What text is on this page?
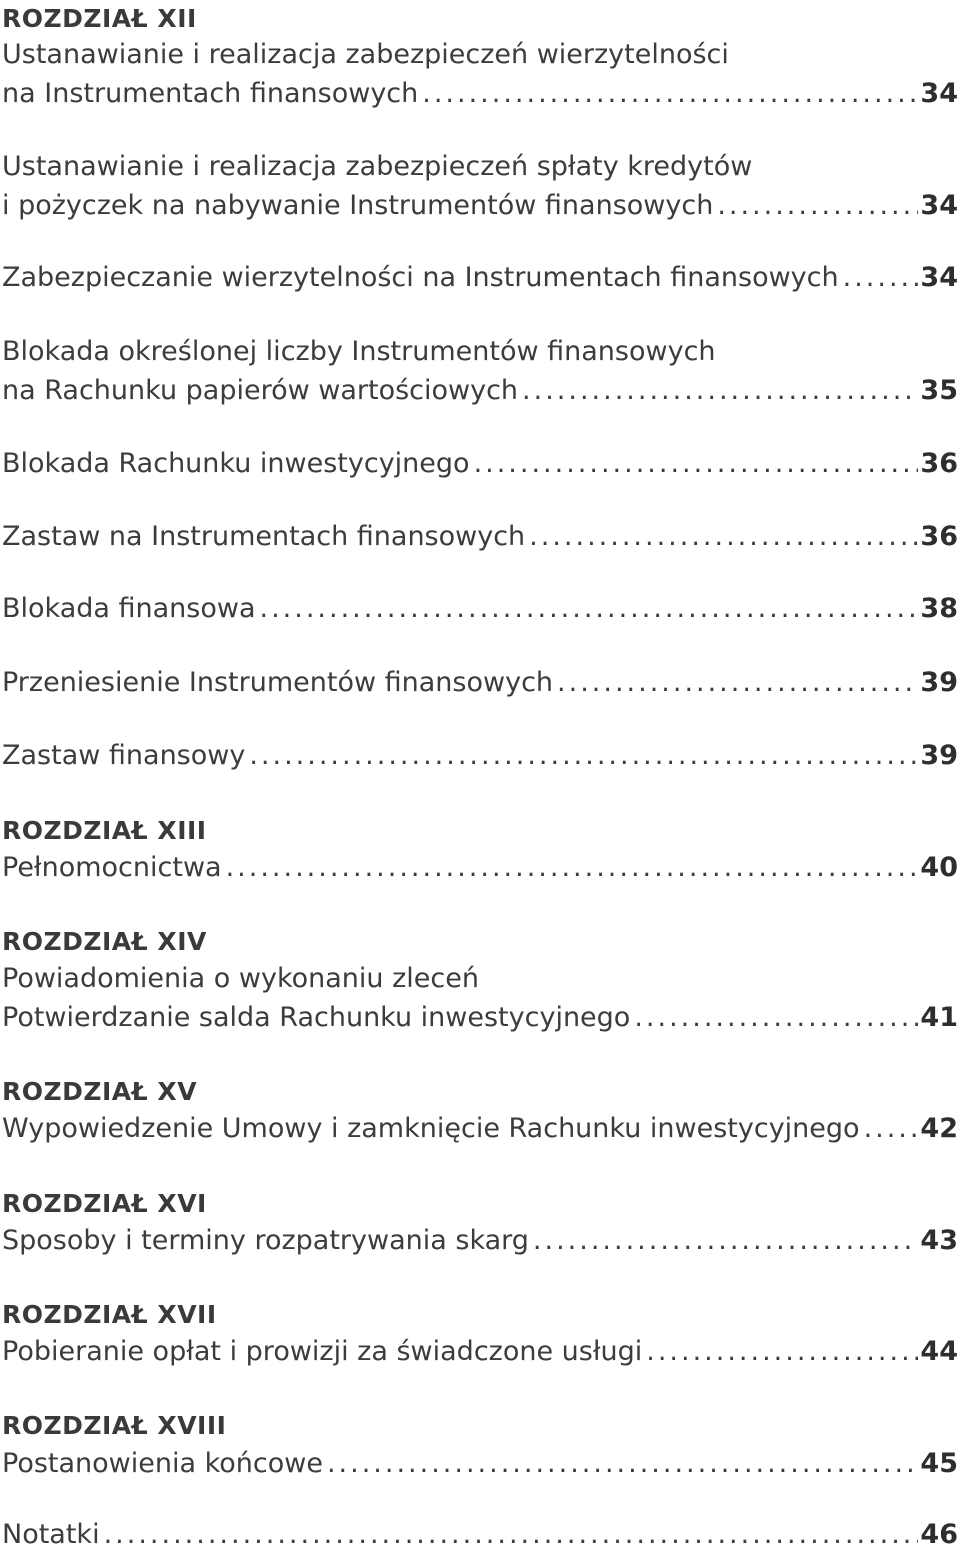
ROZDZIAŁ XII
Ustanawianie i realizacja zabezpieczeń wierzytelności
na Instrumentach finansowych .....	34
Ustanawianie i realizacja zabezpieczeń spłaty kredytów
i pożyczek na nabywanie Instrumentów finansowych .....	34
Zabezpieczanie wierzytelności na Instrumentach finansowych .....	34
Blokada określonej liczby Instrumentów finansowych
na Rachunku papierów wartościowych .....	35
Blokada Rachunku inwestycyjnego .....	36
Zastaw na Instrumentach finansowych .....	36
Blokada finansowa .....	38
Przeniesienie Instrumentów finansowych .....	39
Zastaw finansowy .....	39
ROZDZIAŁ XIII
Pełnomocnictwa .....	40
ROZDZIAŁ XIV
Powiadomienia o wykonaniu zleceń
Potwierdzanie salda Rachunku inwestycyjnego .....	41
ROZDZIAŁ XV
Wypowiedzenie Umowy i zamknięcie Rachunku inwestycyjnego ..... 42
ROZDZIAŁ XVI
Sposoby i terminy rozpatrywania skarg .....	43
ROZDZIAŁ XVII
Pobieranie opłat i prowizji za świadczone usługi .....	44
ROZDZIAŁ XVIII
Postanowienia końcowe .....	45
Notatki .....	46
